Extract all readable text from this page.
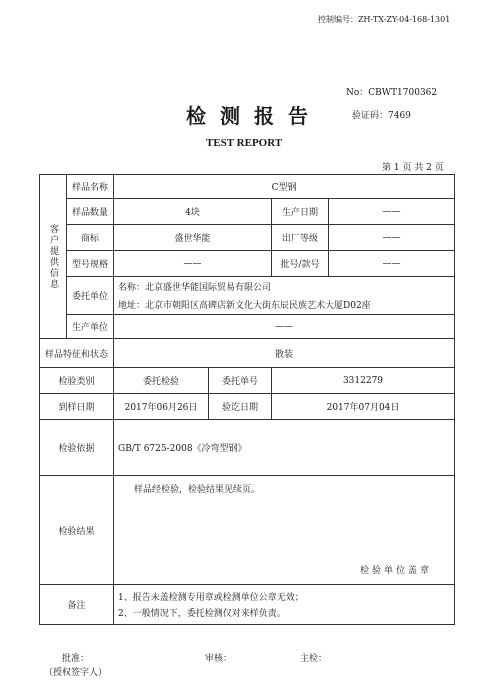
控制编号：ZH-TX-ZY-04-168-1301
No：CBWT1700362
验证码：7469
检测报告
TEST REPORT
第 1 页 共 2 页
客户提供信息	样品名称	C型钢			
	样品数量	4块		生产日期	——
	商标	盛世华能		出厂等级	——
	型号规格	——		批号/款号	——
	委托单位	名称：北京盛世华能国际贸易有限公司
地址：北京市朝阳区高碑店新文化大街东辰民族艺术大厦D02座			

	生产单位	——			
样品特征和状态		散装			
检验类别		委托检验	委托单号	3312279	
到样日期		2017年06月26日	验讫日期	2017年07月04日	
检验依据		GB/T 6725-2008《冷弯型钢》			
检验结果		样品经检验，检验结果见续页。
检验单位盖章			

备注		1、报告未盖检测专用章或检测单位公章无效；
2、一般情况下，委托检测仅对来样负责。			
批准：
（授权签字人）
审核：	主检：
